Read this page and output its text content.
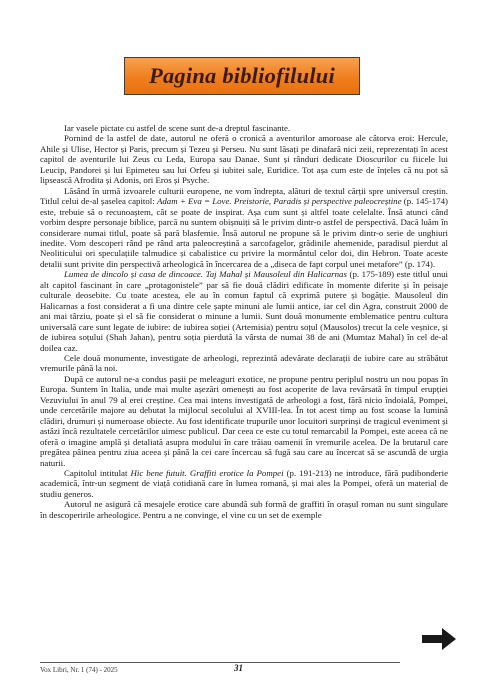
Pagina bibliofilului

Iar vasele pictate cu astfel de scene sunt de-a dreptul fascinante.

Pornind de la astfel de date, autorul ne oferă o cronică a aventurilor amoroase ale câtorva eroi: Hercule, Ahile și Ulise, Hector și Paris, precum și Tezeu și Perseu. Nu sunt lăsați pe dinafară nici zeii, reprezentați în acest capitol de aventurile lui Zeus cu Leda, Europa sau Danae. Sunt și rânduri dedicate Dioscurilor cu fiicele lui Leucip, Pandorei și lui Epimeteu sau lui Orfeu și iubitei sale, Euridice. Tot așa cum este de înțeles că nu pot să lipsească Afrodita și Adonis, ori Eros și Psyche.

Lăsând în urmă izvoarele culturii europene, ne vom îndrepta, alături de textul cărții spre universul creștin. Titlul celui de-al șaselea capitol: Adam + Eva = Love. Preistorie, Paradis și perspective paleocreștine (p. 145-174) este, trebuie să o recunoaștem, cât se poate de inspirat. Așa cum sunt și altfel toate celelalte. Însă atunci când vorbim despre personaje biblice, parcă nu suntem obișnuiți să le privim dintr-o astfel de perspectivă. Dacă luăm în considerare numai titlul, poate să pară blasfemie. Însă autorul ne propune să le privim dintr-o serie de unghiuri inedite. Vom descoperi rând pe rând arta paleocreștină a sarcofagelor, grădinile ahemenide, paradisul pierdut al Neoliticului ori speculațiile talmudice și cabalistice cu privire la mormântul celor doi, din Hebron. Toate aceste detalii sunt privite din perspectivă arheologică în încercarea de a „diseca de fapt corpul unei metafore” (p. 174).

Lumea de dincolo și casa de dincoace. Taj Mahal și Mausoleul din Halicarnas (p. 175-189) este titlul unui alt capitol fascinant în care „protagonistele” par să fie două clădiri edificate în momente diferite și în peisaje culturale deosebite. Cu toate acestea, ele au în comun faptul că exprimă putere și bogăție. Mausoleul din Halicarnas a fost considerat a fi una dintre cele șapte minuni ale lumii antice, iar cel din Agra, construit 2000 de ani mai târziu, poate și el să fie considerat o minune a lumii. Sunt două monumente emblematice pentru cultura universală care sunt legate de iubire: de iubirea soției (Artemisia) pentru soțul (Mausolos) trecut la cele veșnice, și de iubirea soțului (Shah Jahan), pentru soția pierdută la vârsta de numai 38 de ani (Mumtaz Mahal) în cel de-al doilea caz.

Cele două monumente, investigate de arheologi, reprezintă adevărate declarații de iubire care au străbătut vremurile până la noi.

După ce autorul ne-a condus pașii pe meleaguri exotice, ne propune pentru periplul nostru un nou popas în Europa. Suntem în Italia, unde mai multe așezări omenești au fost acoperite de lava revărsată în timpul erupției Vezuviului în anul 79 al erei creștine. Cea mai intens investigată de arheologi a fost, fără nicio îndoială, Pompei, unde cercetările majore au debutat la mijlocul secolului al XVIII-lea. În tot acest timp au fost scoase la lumină clădiri, drumuri și numeroase obiecte. Au fost identificate trupurile unor locuitori surprinși de tragicul eveniment și astăzi încă rezultatele cercetărilor uimesc publicul. Dar ceea ce este cu totul remarcabil la Pompei, este aceea că ne oferă o imagine amplă și detaliată asupra modului în care trăiau oamenii în vremurile acelea. De la brutarul care pregătea pâinea pentru ziua aceea și până la cei care încercau să fugă sau care au încercat să se ascundă de urgia naturii.

Capitolul intitulat Hic bene futuit. Graffiti erotice la Pompei (p. 191-213) ne introduce, fără pudibonderie academică, într-un segment de viață cotidiană care în lumea romană, și mai ales la Pompei, oferă un material de studiu generos.

Autorul ne asigură că mesajele erotice care abundă sub formă de graffiti în orașul roman nu sunt singulare în descoperirile arheologice. Pentru a ne convinge, el vine cu un set de exemple

Vox Libri, Nr. 1 (74) - 2025	31
